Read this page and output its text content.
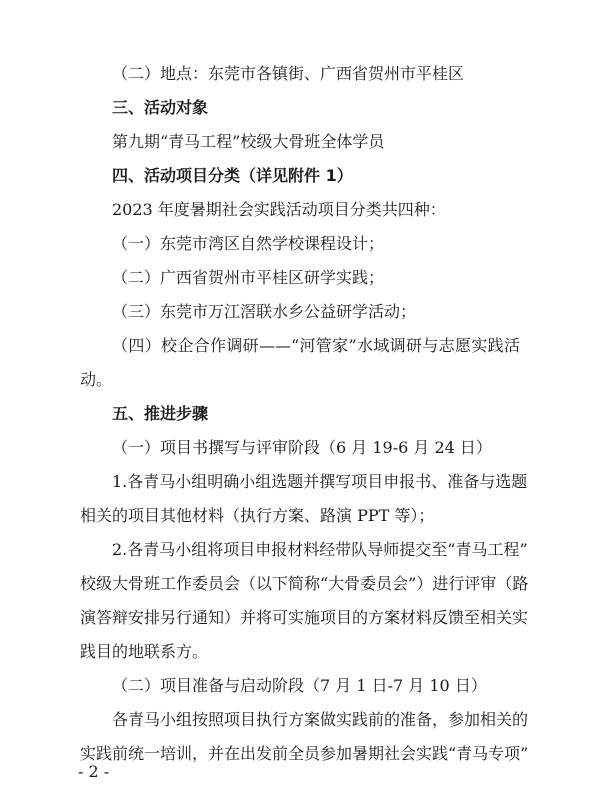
（二）地点：东莞市各镇街、广西省贺州市平桂区
三、活动对象
第九期“青马工程”校级大骨班全体学员
四、活动项目分类（详见附件 1）
2023 年度暑期社会实践活动项目分类共四种：
（一）东莞市湾区自然学校课程设计；
（二）广西省贺州市平桂区研学实践；
（三）东莞市万江滘联水乡公益研学活动；
（四）校企合作调研——“河管家”水域调研与志愿实践活
动。
五、推进步骤
（一）项目书撰写与评审阶段（6 月 19-6 月 24 日）
1.各青马小组明确小组选题并撰写项目申报书、准备与选题
相关的项目其他材料（执行方案、路演 PPT 等）；
2.各青马小组将项目申报材料经带队导师提交至“青马工程”
校级大骨班工作委员会（以下简称“大骨委员会”）进行评审（路
演答辩安排另行通知）并将可实施项目的方案材料反馈至相关实
践目的地联系方。
（二）项目准备与启动阶段（7 月 1 日-7 月 10 日）
各青马小组按照项目执行方案做实践前的准备，参加相关的
实践前统一培训，并在出发前全员参加暑期社会实践“青马专项”
- 2 -
